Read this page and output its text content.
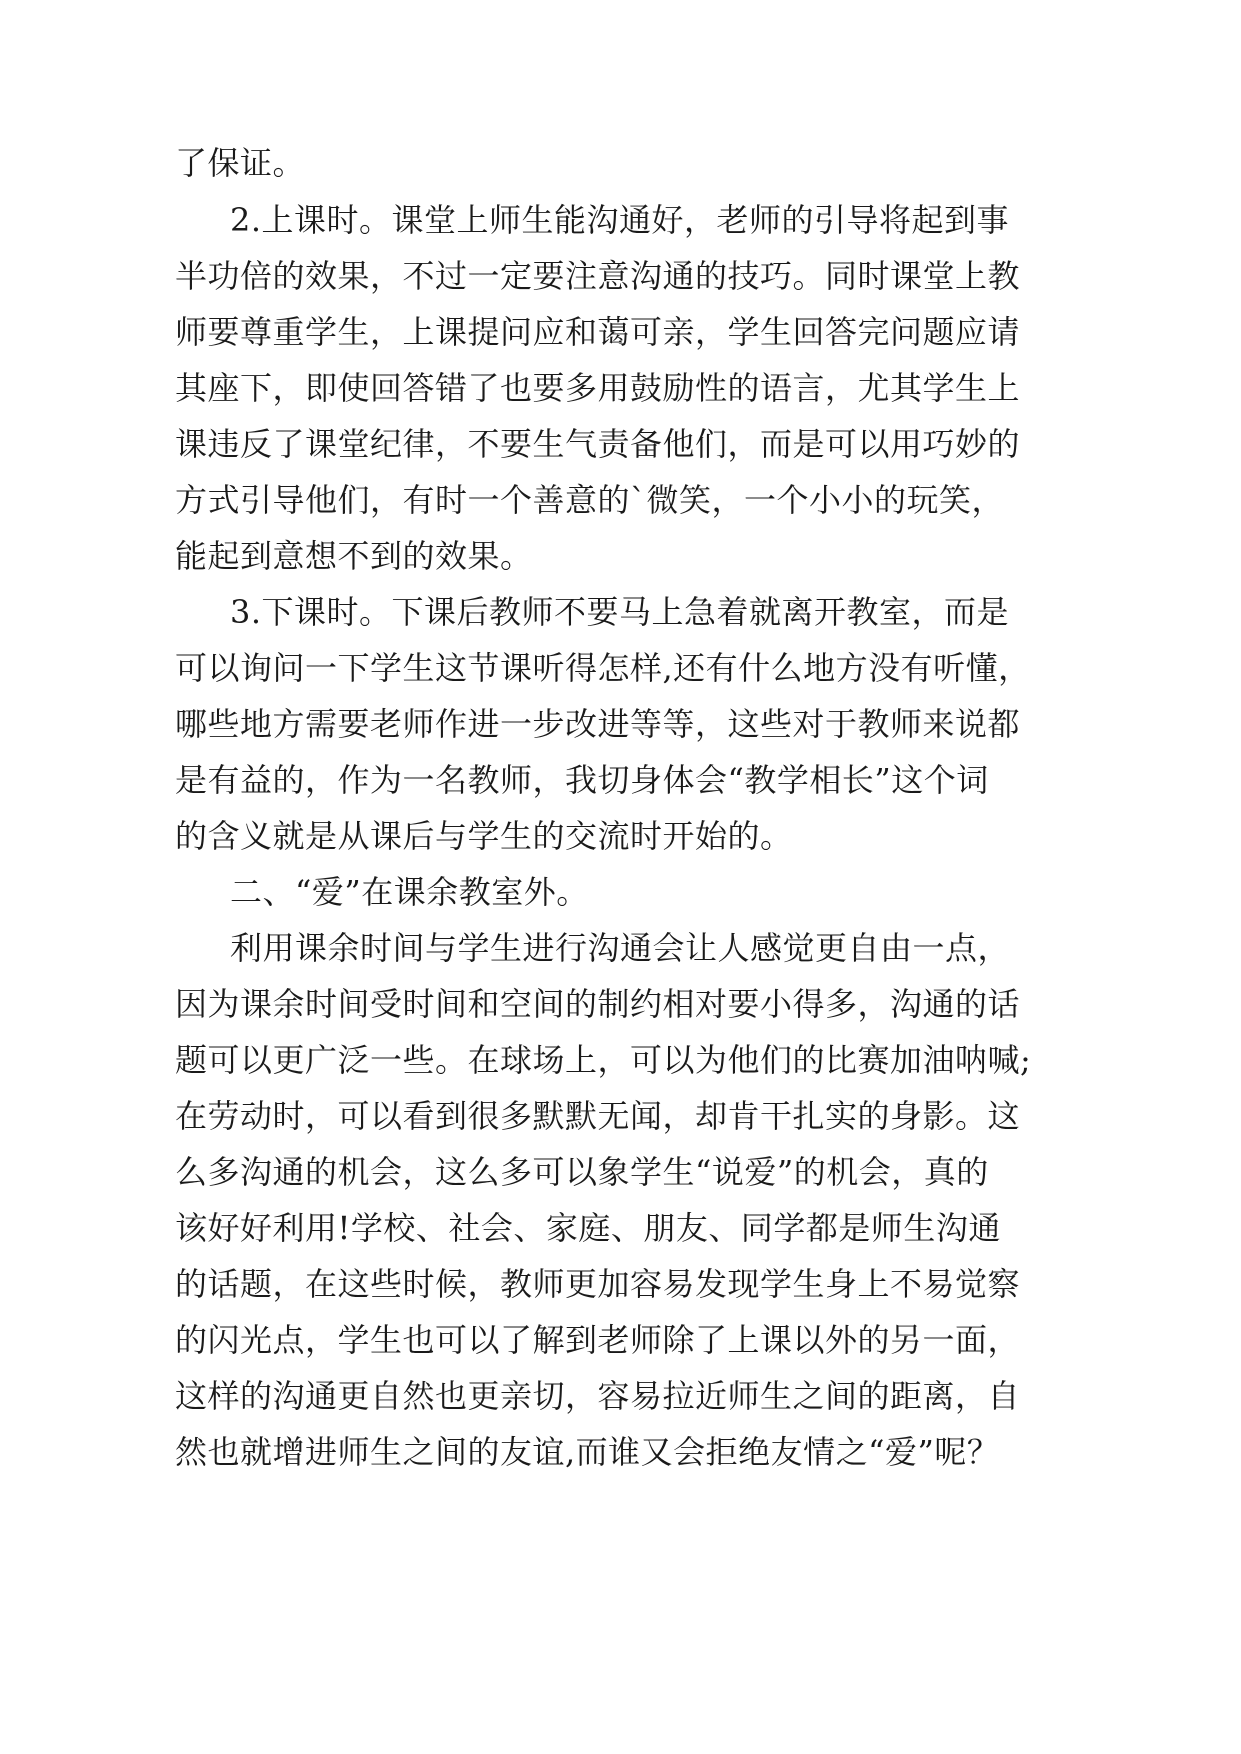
了保证。
2.上课时。课堂上师生能沟通好，老师的引导将起到事
半功倍的效果，不过一定要注意沟通的技巧。同时课堂上教
师要尊重学生，上课提问应和蔼可亲，学生回答完问题应请
其座下，即使回答错了也要多用鼓励性的语言，尤其学生上
课违反了课堂纪律，不要生气责备他们，而是可以用巧妙的
方式引导他们，有时一个善意的`微笑，一个小小的玩笑，
能起到意想不到的效果。
3.下课时。下课后教师不要马上急着就离开教室，而是
可以询问一下学生这节课听得怎样,还有什么地方没有听懂，
哪些地方需要老师作进一步改进等等，这些对于教师来说都
是有益的，作为一名教师，我切身体会“教学相长”这个词
的含义就是从课后与学生的交流时开始的。
二、“爱”在课余教室外。
利用课余时间与学生进行沟通会让人感觉更自由一点，
因为课余时间受时间和空间的制约相对要小得多，沟通的话
题可以更广泛一些。在球场上，可以为他们的比赛加油呐喊;
在劳动时，可以看到很多默默无闻，却肯干扎实的身影。这
么多沟通的机会，这么多可以象学生“说爱”的机会，真的
该好好利用!学校、社会、家庭、朋友、同学都是师生沟通
的话题，在这些时候，教师更加容易发现学生身上不易觉察
的闪光点，学生也可以了解到老师除了上课以外的另一面，
这样的沟通更自然也更亲切，容易拉近师生之间的距离，自
然也就增进师生之间的友谊,而谁又会拒绝友情之“爱”呢？
